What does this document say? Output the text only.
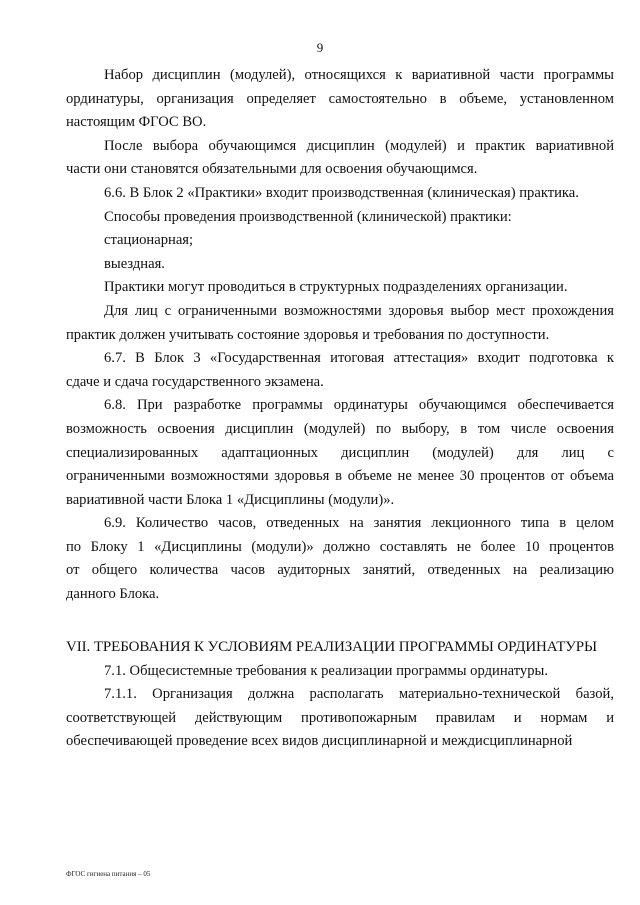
9
Набор дисциплин (модулей), относящихся к вариативной части программы
ординатуры, организация определяет самостоятельно в объеме, установленном
настоящим ФГОС ВО.
После выбора обучающимся дисциплин (модулей) и практик вариативной
части они становятся обязательными для освоения обучающимся.
6.6. В Блок 2 «Практики» входит производственная (клиническая) практика.
Способы проведения производственной (клинической) практики:
стационарная;
выездная.
Практики могут проводиться в структурных подразделениях организации.
Для лиц с ограниченными возможностями здоровья выбор мест прохождения
практик должен учитывать состояние здоровья и требования по доступности.
6.7. В Блок 3 «Государственная итоговая аттестация» входит подготовка к
сдаче и сдача государственного экзамена.
6.8. При разработке программы ординатуры обучающимся обеспечивается
возможность освоения дисциплин (модулей) по выбору, в том числе освоения
специализированных адаптационных дисциплин (модулей) для лиц с
ограниченными возможностями здоровья в объеме не менее 30 процентов от объема
вариативной части Блока 1 «Дисциплины (модули)».
6.9. Количество часов, отведенных на занятия лекционного типа в целом
по Блоку 1 «Дисциплины (модули)» должно составлять не более 10 процентов
от общего количества часов аудиторных занятий, отведенных на реализацию
данного Блока.
VII. ТРЕБОВАНИЯ К УСЛОВИЯМ РЕАЛИЗАЦИИ ПРОГРАММЫ ОРДИНАТУРЫ
7.1. Общесистемные требования к реализации программы ординатуры.
7.1.1. Организация должна располагать материально-технической базой,
соответствующей действующим противопожарным правилам и нормам и
обеспечивающей проведение всех видов дисциплинарной и междисциплинарной
ФГОС гигиена питания – 05
